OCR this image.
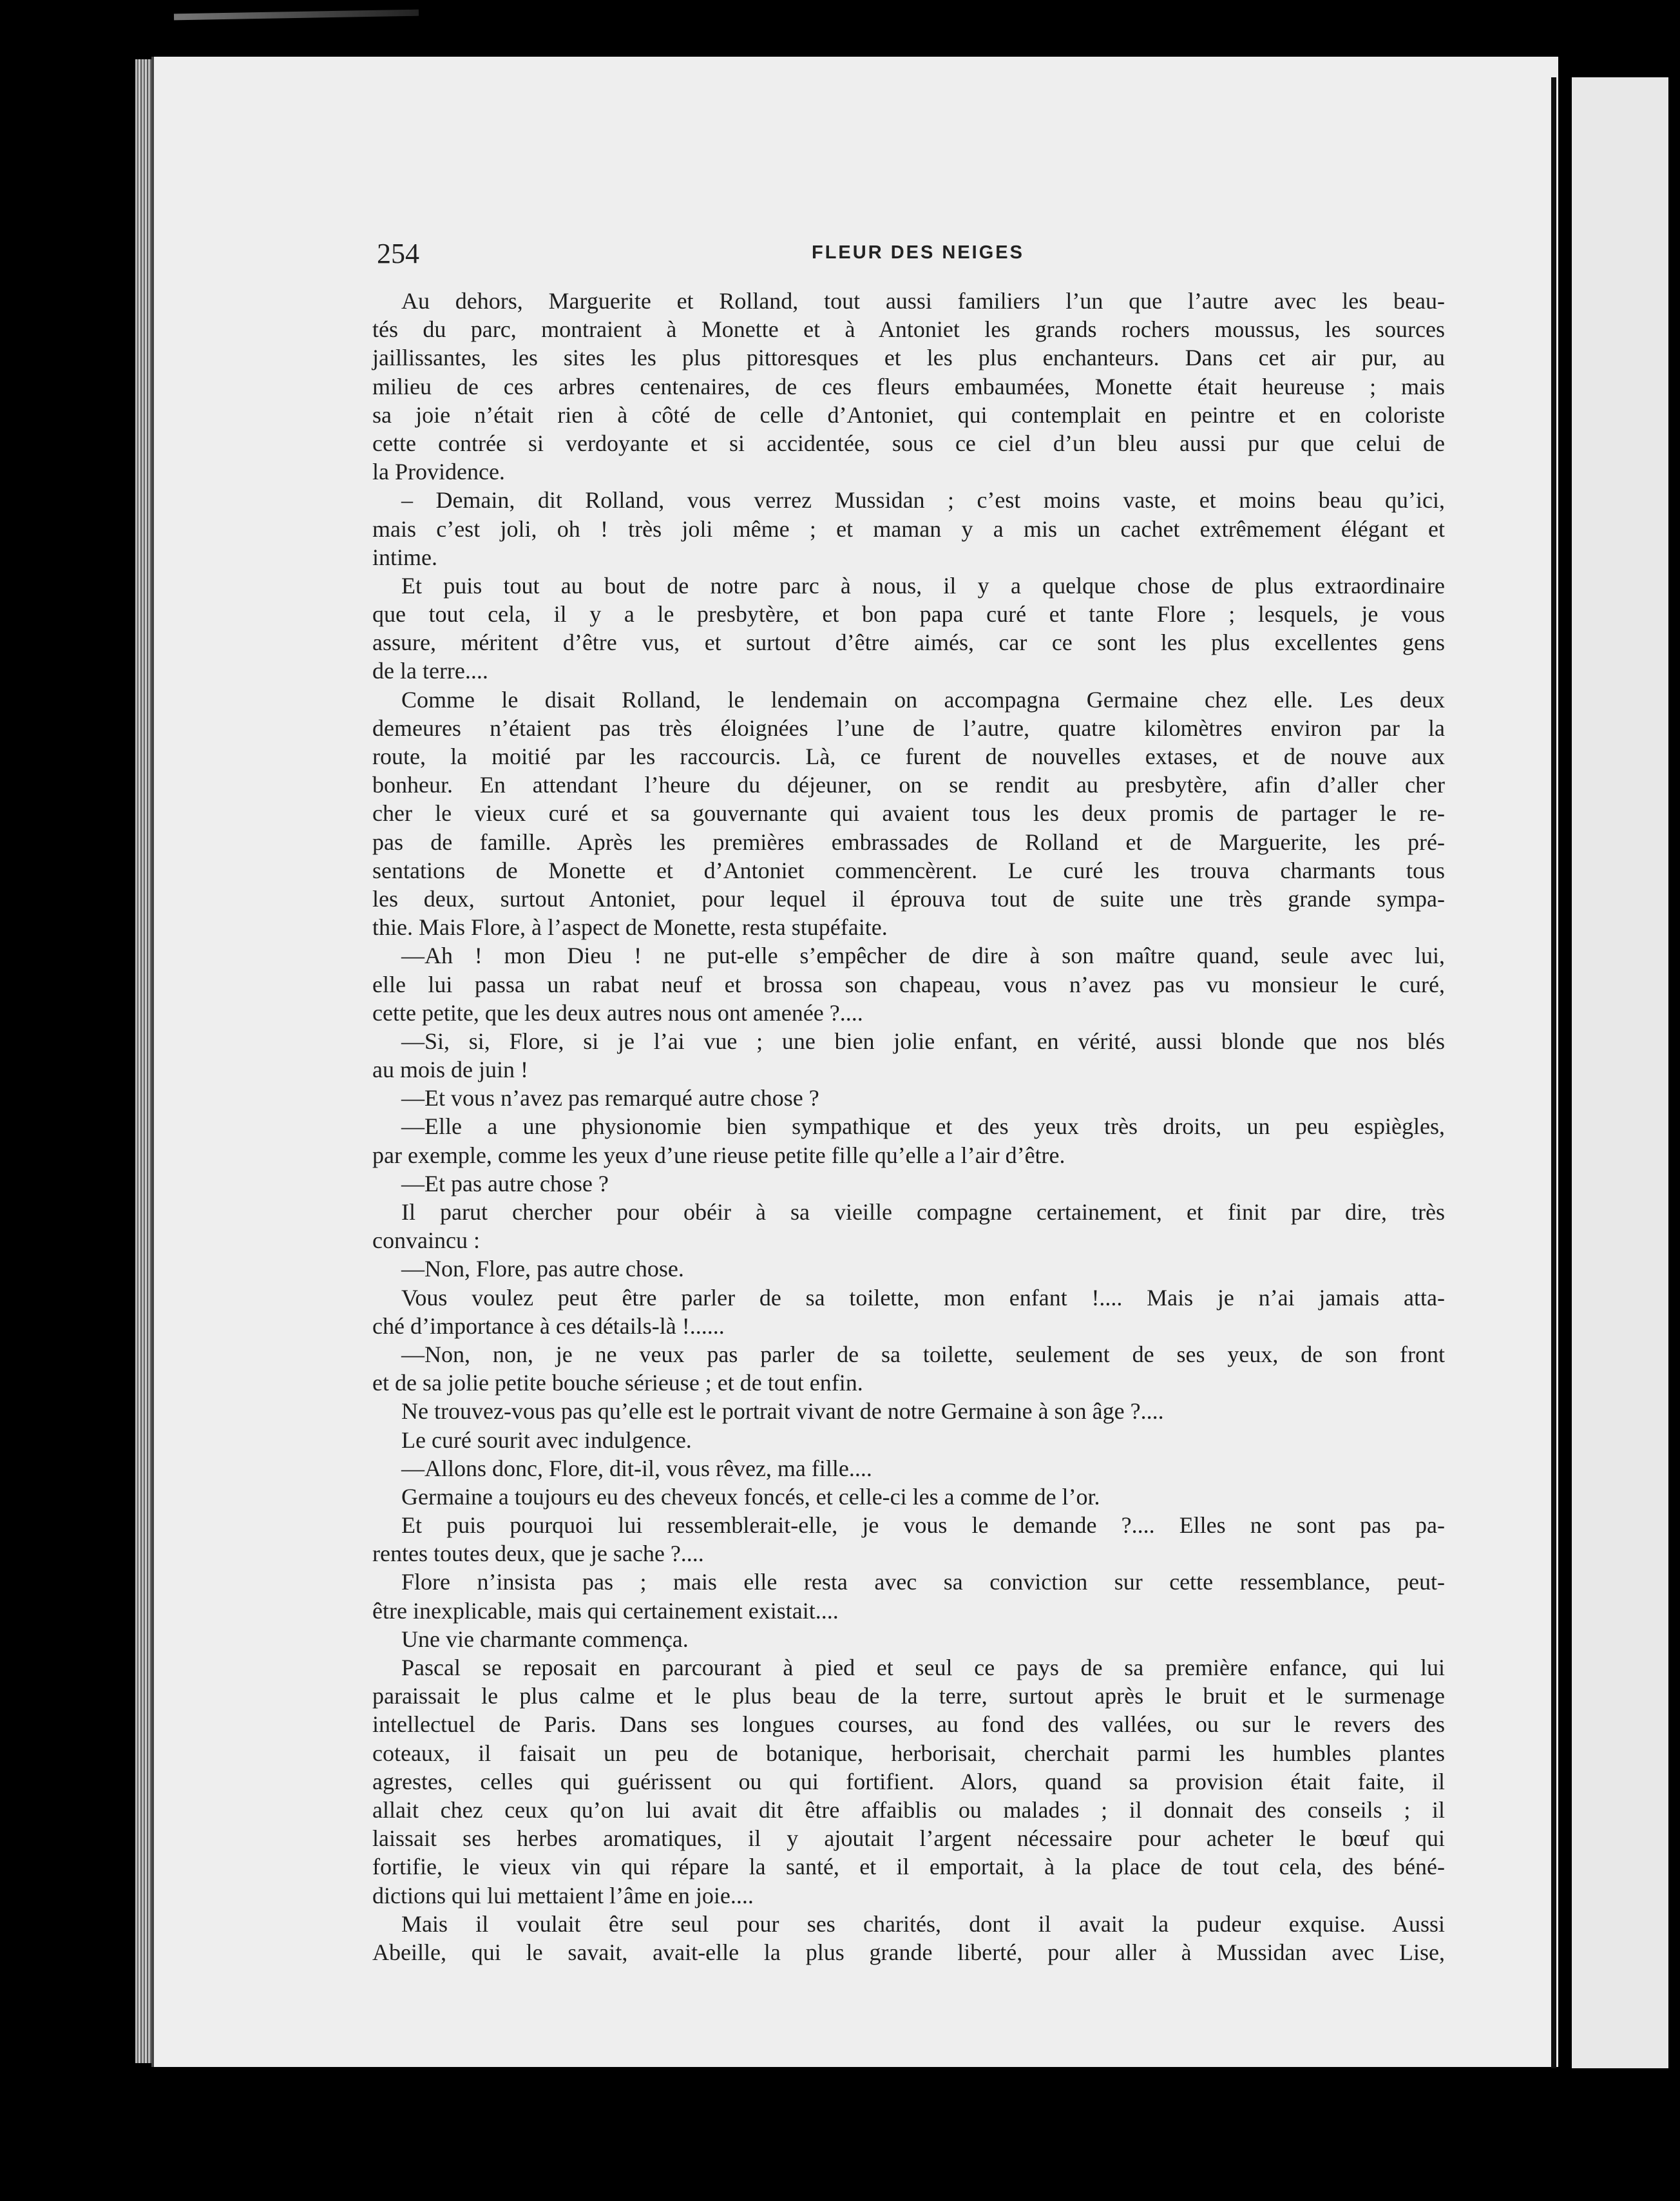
254	FLEUR DES NEIGES
Au dehors, Marguerite et Rolland, tout aussi familiers l’un que l’autre avec les beau-
tés du parc, montraient à Monette et à Antoniet les grands rochers moussus, les sources
jaillissantes, les sites les plus pittoresques et les plus enchanteurs. Dans cet air pur, au
milieu de ces arbres centenaires, de ces fleurs embaumées, Monette était heureuse ; mais
sa joie n’était rien à côté de celle d’Antoniet, qui contemplait en peintre et en coloriste
cette contrée si verdoyante et si accidentée, sous ce ciel d’un bleu aussi pur que celui de
la Providence.
– Demain, dit Rolland, vous verrez Mussidan ; c’est moins vaste, et moins beau qu’ici,
mais c’est joli, oh ! très joli même ; et maman y a mis un cachet extrêmement élégant et
intime.
Et puis tout au bout de notre parc à nous, il y a quelque chose de plus extraordinaire
que tout cela, il y a le presbytère, et bon papa curé et tante Flore ; lesquels, je vous
assure, méritent d’être vus, et surtout d’être aimés, car ce sont les plus excellentes gens
de la terre....
Comme le disait Rolland, le lendemain on accompagna Germaine chez elle. Les deux
demeures n’étaient pas très éloignées l’une de l’autre, quatre kilomètres environ par la
route, la moitié par les raccourcis. Là, ce furent de nouvelles extases, et de nouve aux
bonheur. En attendant l’heure du déjeuner, on se rendit au presbytère, afin d’aller cher
cher le vieux curé et sa gouvernante qui avaient tous les deux promis de partager le re-
pas de famille. Après les premières embrassades de Rolland et de Marguerite, les pré-
sentations de Monette et d’Antoniet commencèrent. Le curé les trouva charmants tous
les deux, surtout Antoniet, pour lequel il éprouva tout de suite une très grande sympa-
thie. Mais Flore, à l’aspect de Monette, resta stupéfaite.
—Ah ! mon Dieu ! ne put-elle s’empêcher de dire à son maître quand, seule avec lui,
elle lui passa un rabat neuf et brossa son chapeau, vous n’avez pas vu monsieur le curé,
cette petite, que les deux autres nous ont amenée ?....
—Si, si, Flore, si je l’ai vue ; une bien jolie enfant, en vérité, aussi blonde que nos blés
au mois de juin !
—Et vous n’avez pas remarqué autre chose ?
—Elle a une physionomie bien sympathique et des yeux très droits, un peu espiègles,
par exemple, comme les yeux d’une rieuse petite fille qu’elle a l’air d’être.
—Et pas autre chose ?
Il parut chercher pour obéir à sa vieille compagne certainement, et finit par dire, très
convaincu :
—Non, Flore, pas autre chose.
Vous voulez peut être parler de sa toilette, mon enfant !.... Mais je n’ai jamais atta-
ché d’importance à ces détails-là !......
—Non, non, je ne veux pas parler de sa toilette, seulement de ses yeux, de son front
et de sa jolie petite bouche sérieuse ; et de tout enfin.
Ne trouvez-vous pas qu’elle est le portrait vivant de notre Germaine à son âge ?....
Le curé sourit avec indulgence.
—Allons donc, Flore, dit-il, vous rêvez, ma fille....
Germaine a toujours eu des cheveux foncés, et celle-ci les a comme de l’or.
Et puis pourquoi lui ressemblerait-elle, je vous le demande ?.... Elles ne sont pas pa-
rentes toutes deux, que je sache ?....
Flore n’insista pas ; mais elle resta avec sa conviction sur cette ressemblance, peut-
être inexplicable, mais qui certainement existait....
Une vie charmante commença.
Pascal se reposait en parcourant à pied et seul ce pays de sa première enfance, qui lui
paraissait le plus calme et le plus beau de la terre, surtout après le bruit et le surmenage
intellectuel de Paris. Dans ses longues courses, au fond des vallées, ou sur le revers des
coteaux, il faisait un peu de botanique, herborisait, cherchait parmi les humbles plantes
agrestes, celles qui guérissent ou qui fortifient. Alors, quand sa provision était faite, il
allait chez ceux qu’on lui avait dit être affaiblis ou malades ; il donnait des conseils ; il
laissait ses herbes aromatiques, il y ajoutait l’argent nécessaire pour acheter le bœuf qui
fortifie, le vieux vin qui répare la santé, et il emportait, à la place de tout cela, des béné-
dictions qui lui mettaient l’âme en joie....
Mais il voulait être seul pour ses charités, dont il avait la pudeur exquise. Aussi
Abeille, qui le savait, avait-elle la plus grande liberté, pour aller à Mussidan avec Lise,
